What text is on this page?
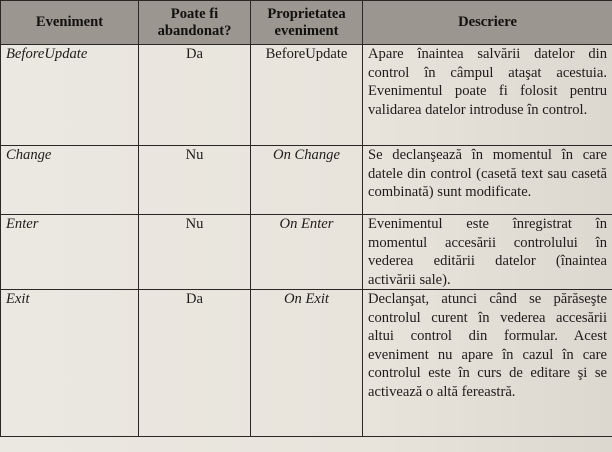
Eveniment	Poate fi abandonat?	Proprietatea eveniment	Descriere
BeforeUpdate	Da	BeforeUpdate	Apare înaintea salvării datelor din control în câmpul ataşat acestuia. Evenimentul poate fi folosit pentru validarea datelor introduse în control.
Change	Nu	On Change	Se declanşează în momentul în care datele din control (casetă text sau casetă combinată) sunt modificate.
Enter	Nu	On Enter	Evenimentul este înregistrat în momentul accesării controlului în vederea editării datelor (înaintea activării sale).
Exit	Da	On Exit	Declanşat, atunci când se părăseşte controlul curent în vederea accesării altui control din formular. Acest eveniment nu apare în cazul în care controlul este în curs de editare şi se activează o altă fereastră.
